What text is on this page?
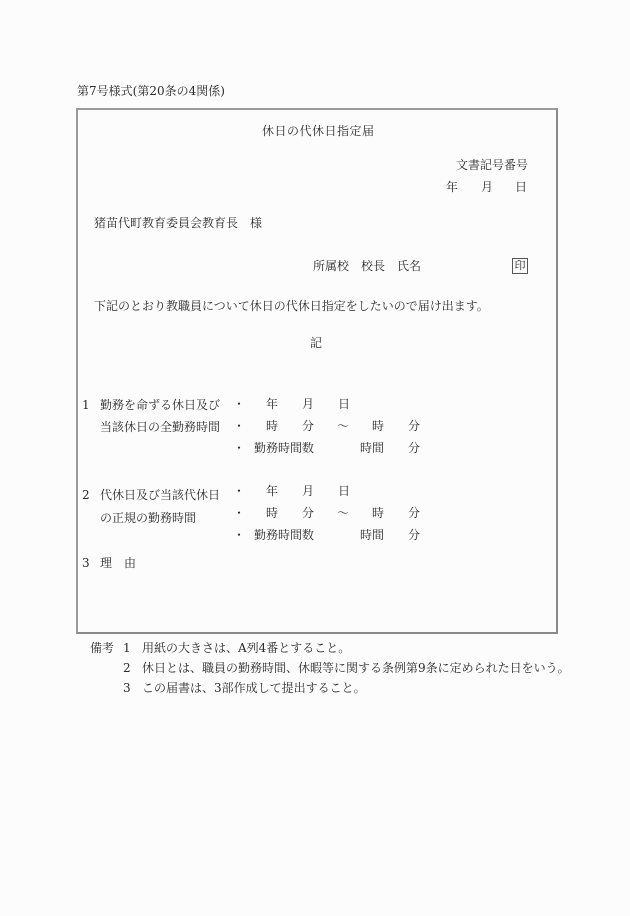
第7号様式(第20条の4関係)
休日の代休日指定届
文書記号番号
年 月 日
猪苗代町教育委員会教育長　様
所属校　校長　氏名	印
下記のとおり教職員について休日の代休日指定をしたいので届け出ます。
記
1 勤務を命ずる休日及び
当該休日の全勤務時間
・ 年 月 日
・ 時 分 ～ 時 分
・ 勤務時間数	時間 分
2 代休日及び当該代休日
の正規の勤務時間
・ 年 月 日
・ 時 分 ～ 時 分
・ 勤務時間数	時間 分
3 理　由
備考 1 用紙の大きさは、A列4番とすること。
2 休日とは、職員の勤務時間、休暇等に関する条例第9条に定められた日をいう。
3 この届書は、3部作成して提出すること。
